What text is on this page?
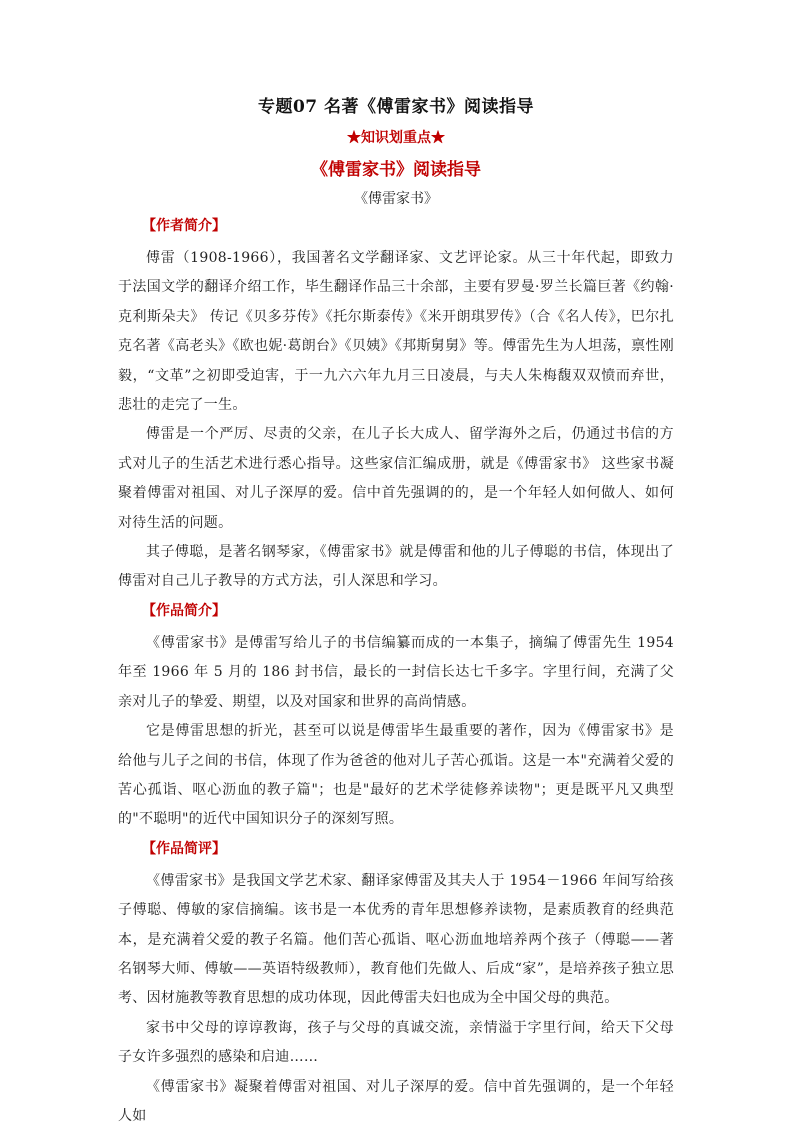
专题07 名著《傅雷家书》阅读指导
★知识划重点★
《傅雷家书》阅读指导
《傅雷家书》
【作者简介】

傅雷（1908-1966），我国著名文学翻译家、文艺评论家。从三十年代起，即致力于法国文学的翻译介绍工作，毕生翻译作品三十余部，主要有罗曼·罗兰长篇巨著《约翰·克利斯朵夫》 传记《贝多芬传》《托尔斯泰传》《米开朗琪罗传》（合《名人传》，巴尔扎克名著《高老头》《欧也妮·葛朗台》《贝姨》《邦斯舅舅》等。傅雷先生为人坦荡，禀性刚毅，“文革”之初即受迫害，于一九六六年九月三日凌晨，与夫人朱梅馥双双愤而弃世，悲壮的走完了一生。

傅雷是一个严厉、尽责的父亲，在儿子长大成人、留学海外之后，仍通过书信的方式对儿子的生活艺术进行悉心指导。这些家信汇编成册，就是《傅雷家书》 这些家书凝聚着傅雷对祖国、对儿子深厚的爱。信中首先强调的的，是一个年轻人如何做人、如何对待生活的问题。

其子傅聪，是著名钢琴家，《傅雷家书》就是傅雷和他的儿子傅聪的书信，体现出了傅雷对自己儿子教导的方式方法，引人深思和学习。

【作品简介】

《傅雷家书》是傅雷写给儿子的书信编纂而成的一本集子，摘编了傅雷先生 1954 年至 1966 年 5 月的 186 封书信，最长的一封信长达七千多字。字里行间，充满了父亲对儿子的挚爱、期望，以及对国家和世界的高尚情感。

它是傅雷思想的折光，甚至可以说是傅雷毕生最重要的著作，因为《傅雷家书》是给他与儿子之间的书信，体现了作为爸爸的他对儿子苦心孤诣。这是一本"充满着父爱的苦心孤诣、呕心沥血的教子篇"；也是"最好的艺术学徒修养读物"；更是既平凡又典型的"不聪明"的近代中国知识分子的深刻写照。

【作品简评】

《傅雷家书》是我国文学艺术家、翻译家傅雷及其夫人于 1954－1966 年间写给孩子傅聪、傅敏的家信摘编。该书是一本优秀的青年思想修养读物，是素质教育的经典范本，是充满着父爱的教子名篇。他们苦心孤诣、呕心沥血地培养两个孩子（傅聪——著名钢琴大师、傅敏——英语特级教师），教育他们先做人、后成“家”，是培养孩子独立思考、因材施教等教育思想的成功体现，因此傅雷夫妇也成为全中国父母的典范。

家书中父母的谆谆教诲，孩子与父母的真诚交流，亲情溢于字里行间，给天下父母子女许多强烈的感染和启迪……

《傅雷家书》凝聚着傅雷对祖国、对儿子深厚的爱。信中首先强调的，是一个年轻人如
